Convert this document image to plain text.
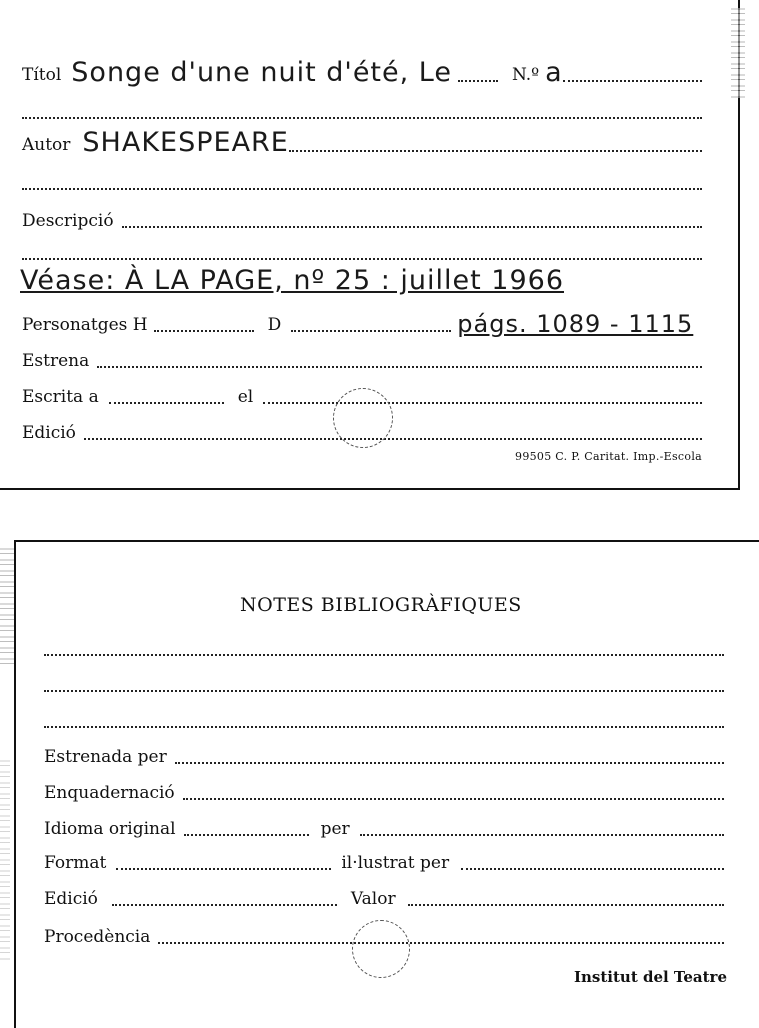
Títol Songe d'une nuit d'été, Le	N.º a
Autor SHAKESPEARE
Descripció
Véase: À LA PAGE, nº 25 : juillet 1966
Personatges H	D	págs. 1089 - 1115
Estrena
Escrita a	el
Edició
99505 C. P. Caritat. Imp.-Escola
NOTES BIBLIOGRÀFIQUES
Estrenada per
Enquadernació
Idioma original	per
Format	il·lustrat per
Edició	Valor
Procedència
Institut del Teatre
